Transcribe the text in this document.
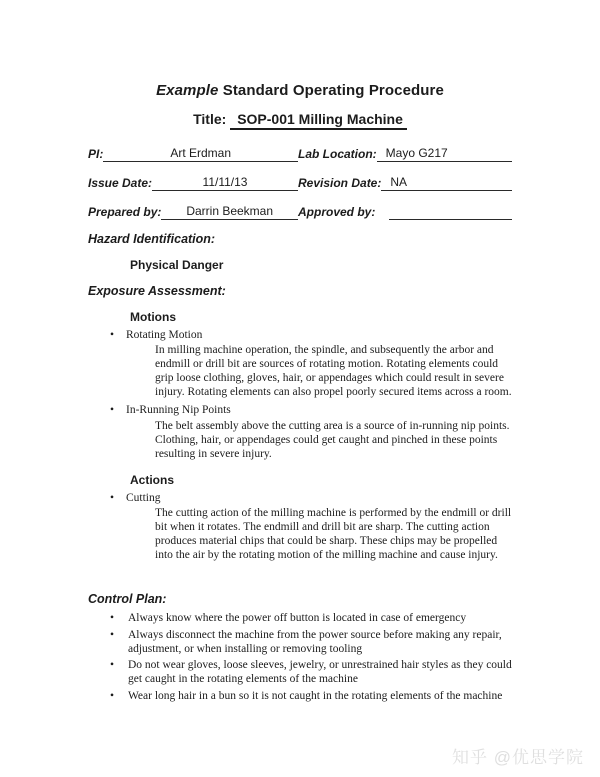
Example Standard Operating Procedure
Title: SOP-001 Milling Machine
PI:	Art Erdman	Lab Location: Mayo G217
Issue Date:	11/11/13	Revision Date: NA
Prepared by:	Darrin Beekman	Approved by:
Hazard Identification:
Physical Danger
Exposure Assessment:
Motions
•	Rotating Motion
In milling machine operation, the spindle, and subsequently the arbor and endmill or drill bit are sources of rotating motion. Rotating elements could grip loose clothing, gloves, hair, or appendages which could result in severe injury. Rotating elements can also propel poorly secured items across a room.
•	In-Running Nip Points
The belt assembly above the cutting area is a source of in-running nip points. Clothing, hair, or appendages could get caught and pinched in these points resulting in severe injury.
Actions
•	Cutting
The cutting action of the milling machine is performed by the endmill or drill bit when it rotates. The endmill and drill bit are sharp. The cutting action produces material chips that could be sharp. These chips may be propelled into the air by the rotating motion of the milling machine and cause injury.
Control Plan:
•	Always know where the power off button is located in case of emergency
•	Always disconnect the machine from the power source before making any repair, adjustment, or when installing or removing tooling
•	Do not wear gloves, loose sleeves, jewelry, or unrestrained hair styles as they could get caught in the rotating elements of the machine
•	Wear long hair in a bun so it is not caught in the rotating elements of the machine
知乎 @优思学院
